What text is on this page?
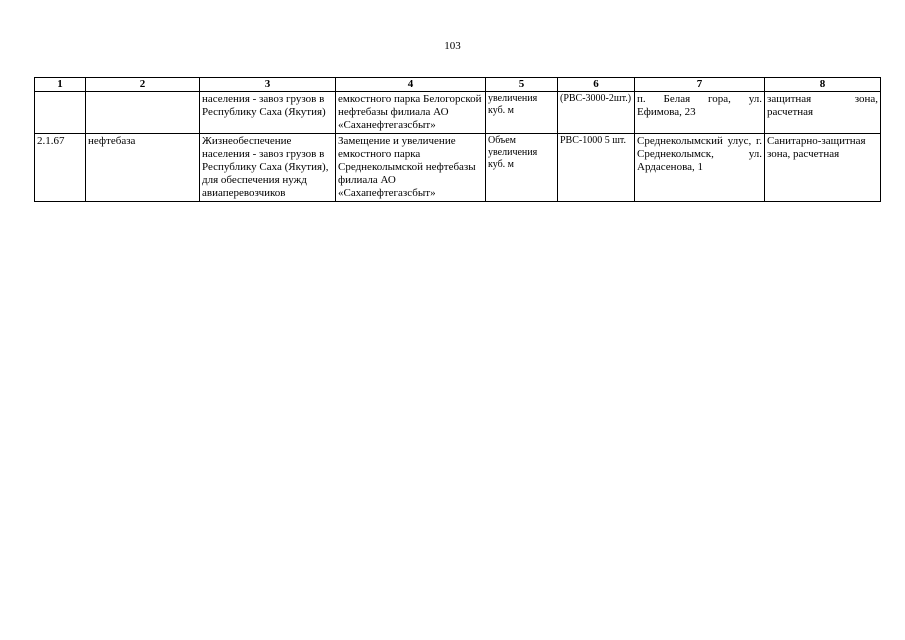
103
1	2	3	4	5	6	7	8
		населения - завоз грузов в Республику Саха (Якутия)	емкостного парка Белогорской нефтебазы филиала АО «Саханефтегазсбыт»	увеличения куб. м	(РВС-3000-2шт.)	п. Белая гора, ул. Ефимова, 23	защитная зона, расчетная
2.1.67	нефтебаза	Жизнеобеспечение населения - завоз грузов в Республику Саха (Якутия), для обеспечения нужд авиаперевозчиков	Замещение и увеличение емкостного парка Среднеколымской нефтебазы филиала АО «Сахапефтегазсбыт»	Объем увеличения куб. м	РВС-1000 5 шт.	Среднеколымский улус, г. Среднеколымск, ул. Ардасенова, 1	Санитарно-защитная зона, расчетная
